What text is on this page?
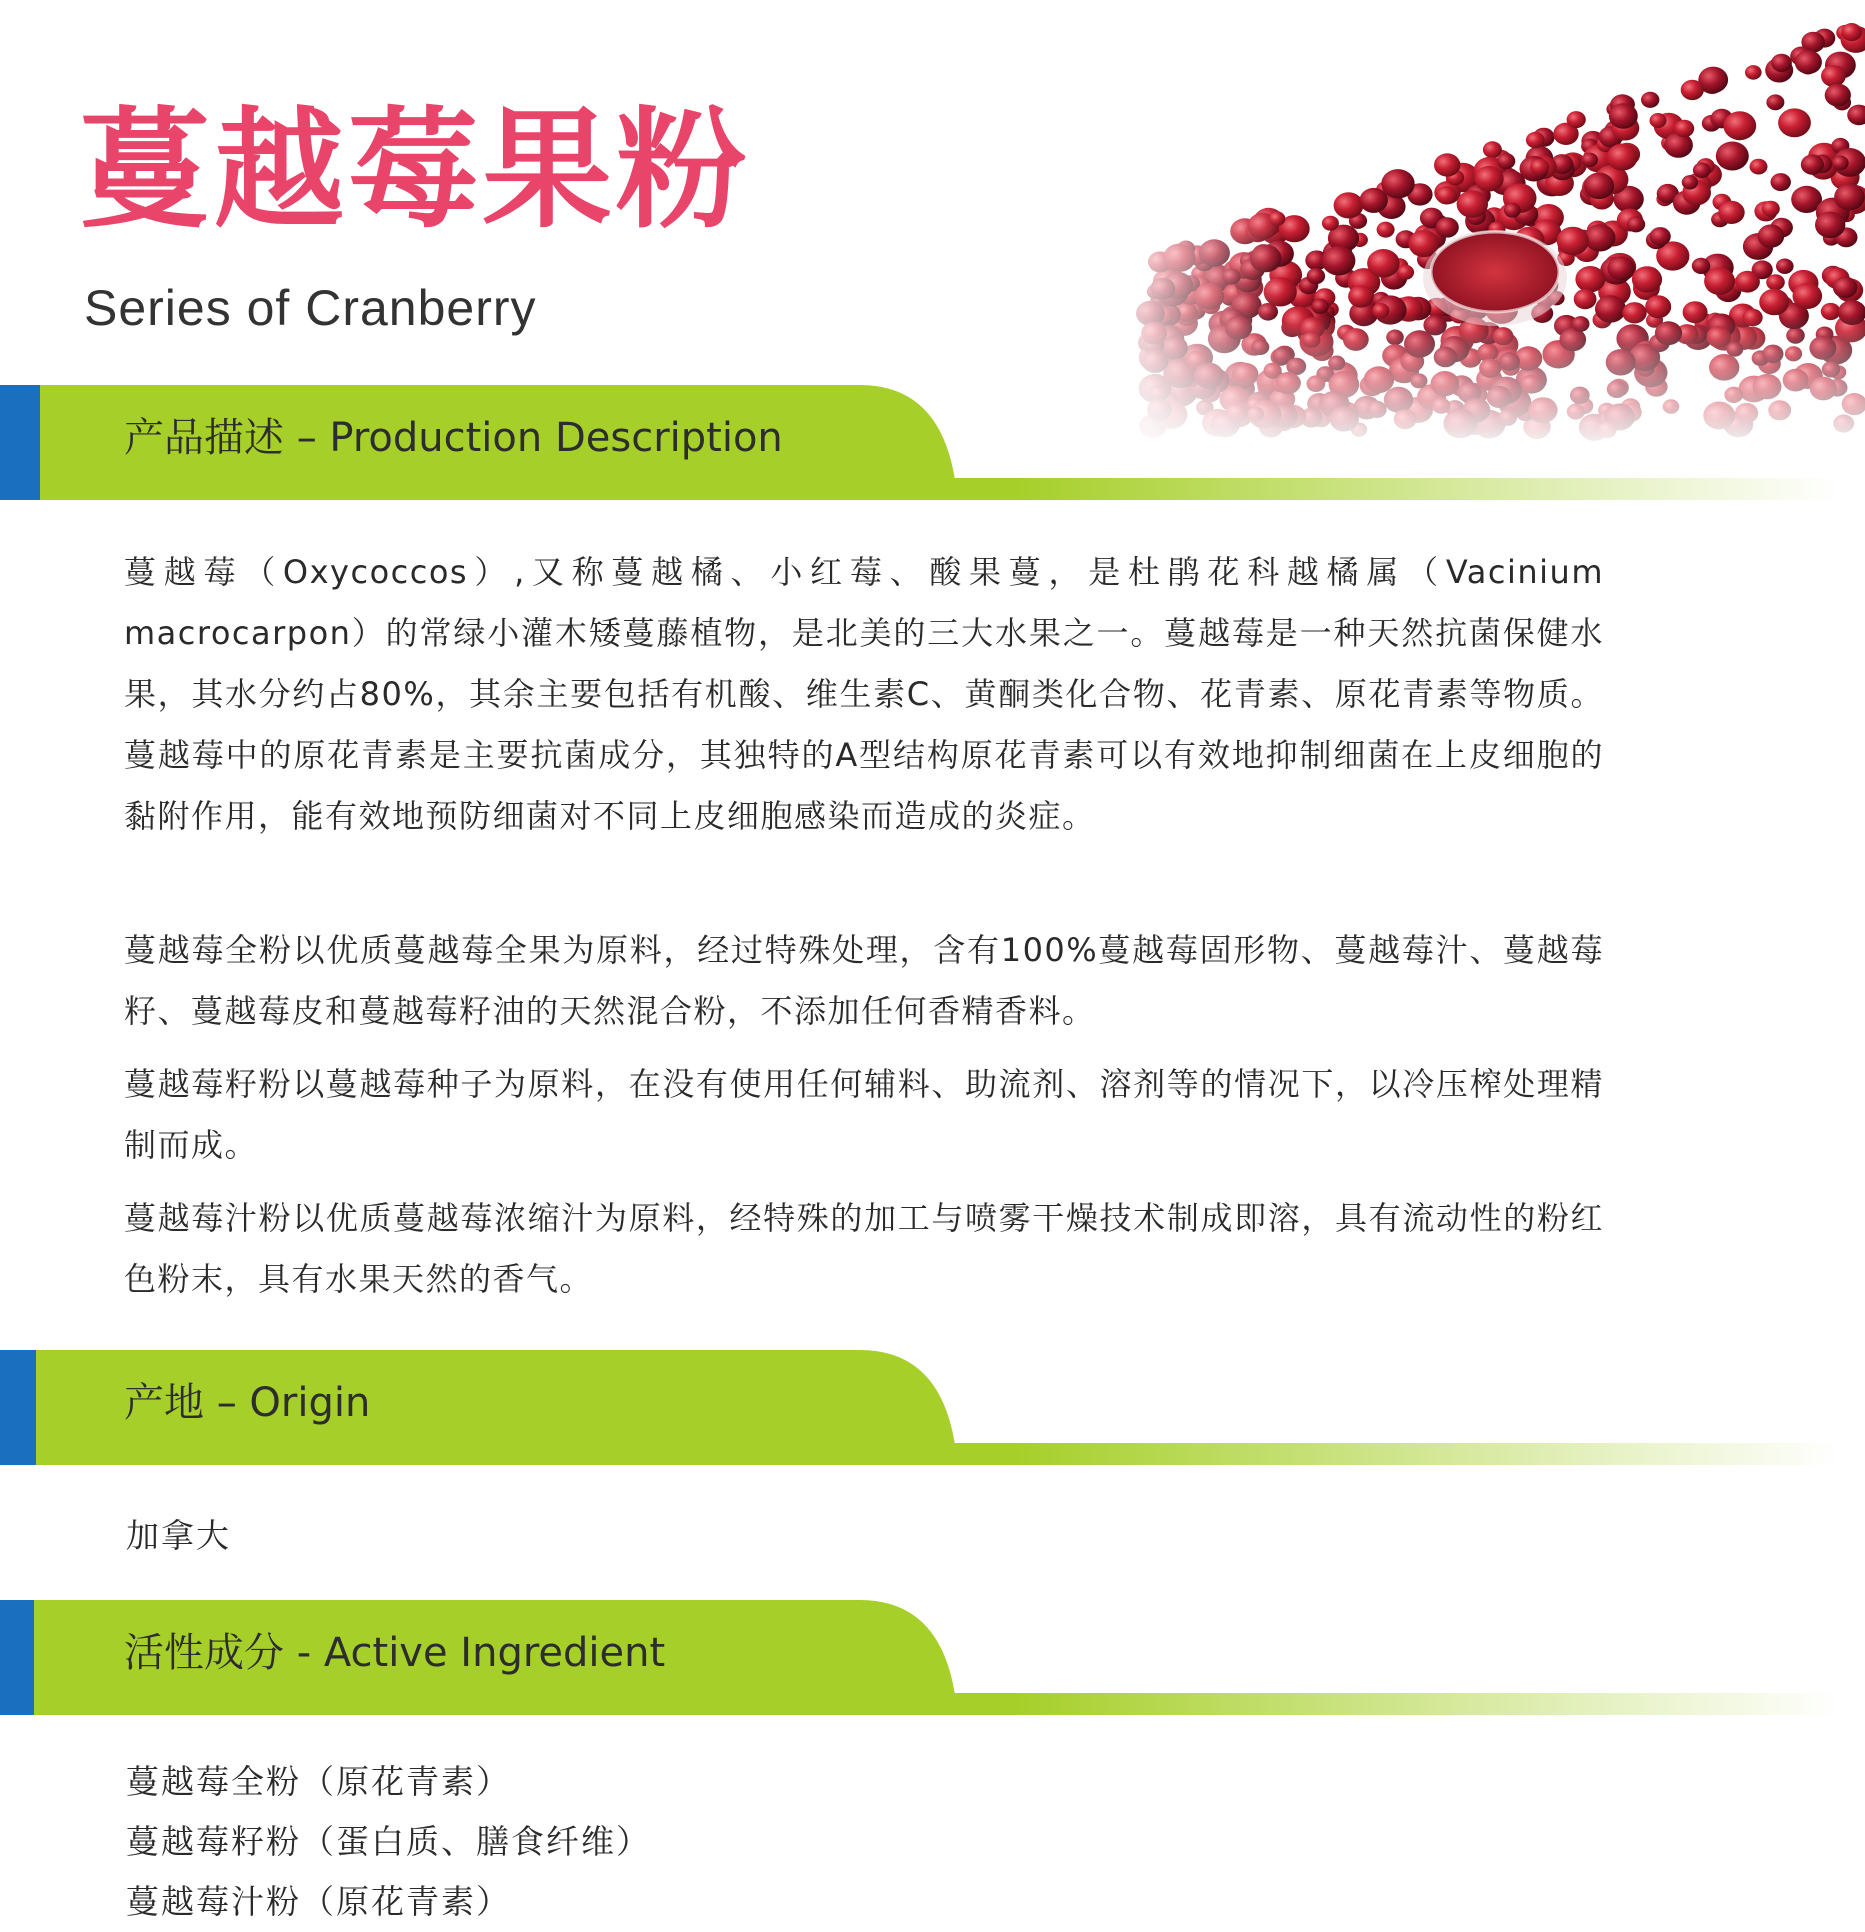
蔓越莓果粉
Series of Cranberry
产品描述 – Production Description

蔓越莓（Oxycoccos）,又称蔓越橘、小红莓、酸果蔓，是杜鹃花科越橘属（Vacinium macrocarpon）的常绿小灌木矮蔓藤植物，是北美的三大水果之一。蔓越莓是一种天然抗菌保健水果，其水分约占80%，其余主要包括有机酸、维生素C、黄酮类化合物、花青素、原花青素等物质。蔓越莓中的原花青素是主要抗菌成分，其独特的A型结构原花青素可以有效地抑制细菌在上皮细胞的黏附作用，能有效地预防细菌对不同上皮细胞感染而造成的炎症。

蔓越莓全粉以优质蔓越莓全果为原料，经过特殊处理，含有100%蔓越莓固形物、蔓越莓汁、蔓越莓籽、蔓越莓皮和蔓越莓籽油的天然混合粉，不添加任何香精香料。

蔓越莓籽粉以蔓越莓种子为原料，在没有使用任何辅料、助流剂、溶剂等的情况下，以冷压榨处理精制而成。

蔓越莓汁粉以优质蔓越莓浓缩汁为原料，经特殊的加工与喷雾干燥技术制成即溶，具有流动性的粉红色粉末，具有水果天然的香气。

产地 – Origin
加拿大
活性成分 - Active Ingredient
蔓越莓全粉（原花青素）
蔓越莓籽粉（蛋白质、膳食纤维）
蔓越莓汁粉（原花青素）
